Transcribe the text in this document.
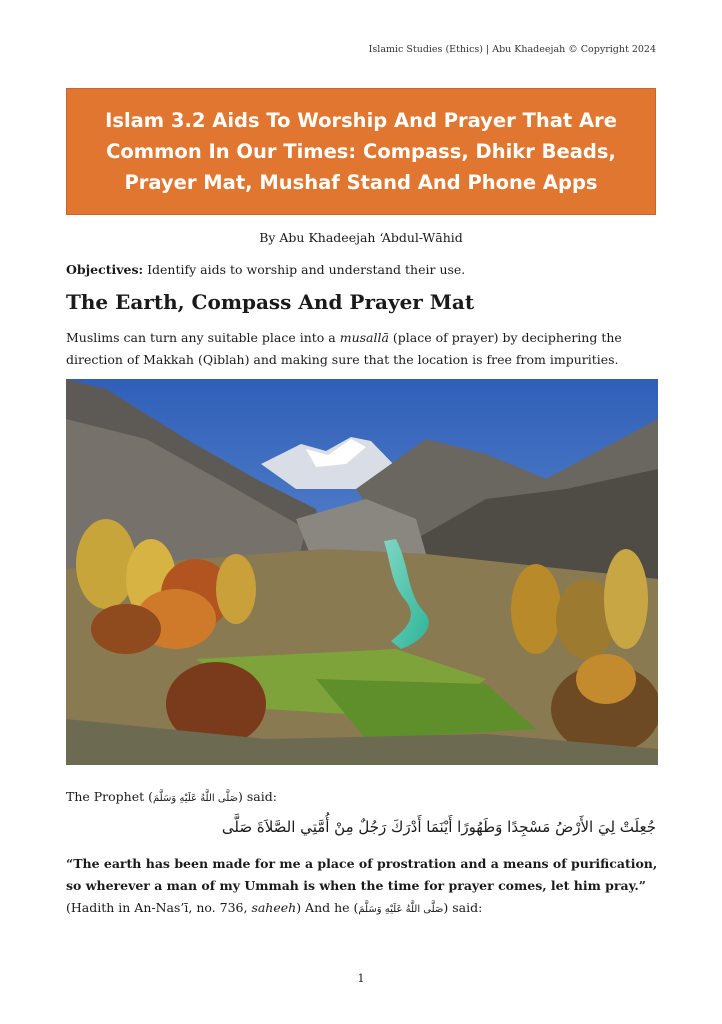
Islamic Studies (Ethics) | Abu Khadeejah © Copyright 2024
Islam 3.2 Aids To Worship And Prayer That Are
Common In Our Times: Compass, Dhikr Beads,
Prayer Mat, Mushaf Stand And Phone Apps
By Abu Khadeejah ‘Abdul-Wāhid
Objectives: Identify aids to worship and understand their use.
The Earth, Compass And Prayer Mat

Muslims can turn any suitable place into a musallā (place of prayer) by deciphering the direction of Makkah (Qiblah) and making sure that the location is free from impurities.

The Prophet (صَلَّى اللَّهُ عَلَيْهِ وَسَلَّمَ) said:
جُعِلَتْ لِيَ الأَرْضُ مَسْجِدًا وَطَهُورًا أَيْنَمَا أَدْرَكَ رَجُلٌ مِنْ أُمَّتِي الصَّلاَةَ صَلَّى

“The earth has been made for me a place of prostration and a means of purification, so wherever a man of my Ummah is when the time for prayer comes, let him pray.” (Hadith in An-Nas’ī, no. 736, saheeh) And he (صَلَّى اللَّهُ عَلَيْهِ وَسَلَّمَ) said:

1
